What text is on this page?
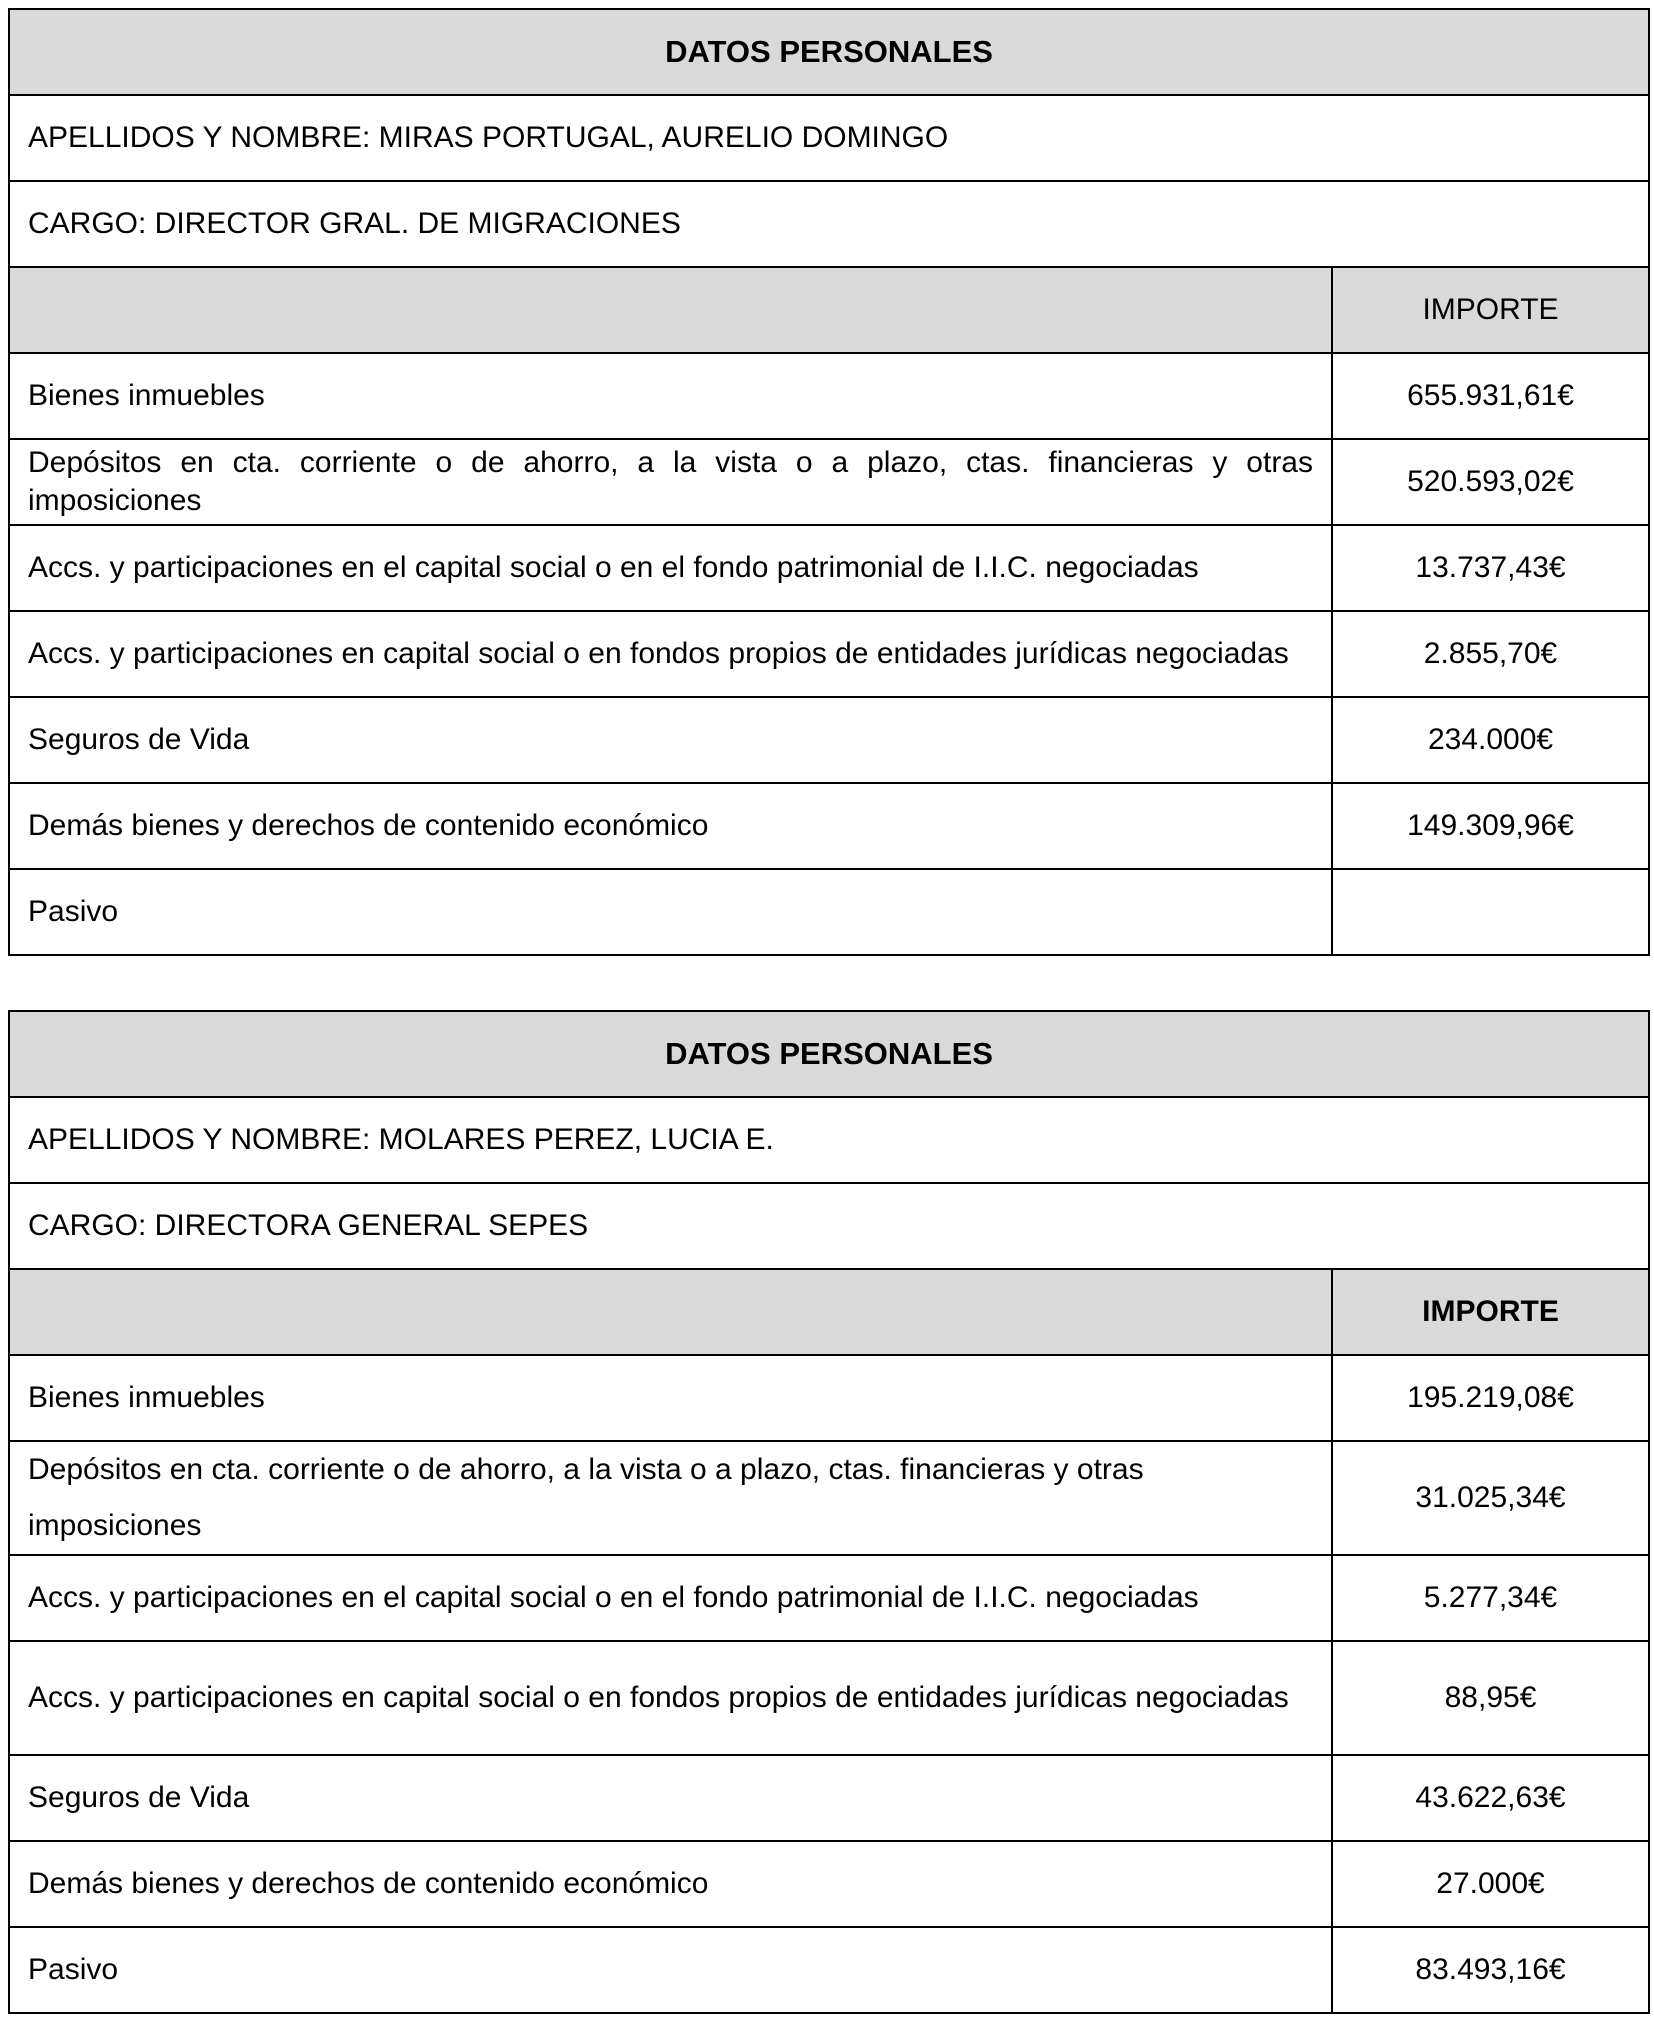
DATOS PERSONALES	
APELLIDOS Y NOMBRE: MIRAS PORTUGAL, AURELIO DOMINGO	
CARGO: DIRECTOR GRAL. DE MIGRACIONES	
	IMPORTE
Bienes inmuebles	655.931,61€
Depósitos en cta. corriente o de ahorro, a la vista o a plazo, ctas. financieras y otras imposiciones	520.593,02€
Accs. y participaciones en el capital social o en el fondo patrimonial de I.I.C. negociadas	13.737,43€
Accs. y participaciones en capital social o en fondos propios de entidades jurídicas negociadas	2.855,70€
Seguros de Vida	234.000€
Demás bienes y derechos de contenido económico	149.309,96€
Pasivo	
DATOS PERSONALES	
APELLIDOS Y NOMBRE: MOLARES PEREZ, LUCIA E.	
CARGO: DIRECTORA GENERAL SEPES	
	IMPORTE
Bienes inmuebles	195.219,08€
Depósitos en cta. corriente o de ahorro, a la vista o a plazo, ctas. financieras y otras imposiciones	31.025,34€
Accs. y participaciones en el capital social o en el fondo patrimonial de I.I.C. negociadas	5.277,34€
Accs. y participaciones en capital social o en fondos propios de entidades jurídicas negociadas	88,95€
Seguros de Vida	43.622,63€
Demás bienes y derechos de contenido económico	27.000€
Pasivo	83.493,16€
